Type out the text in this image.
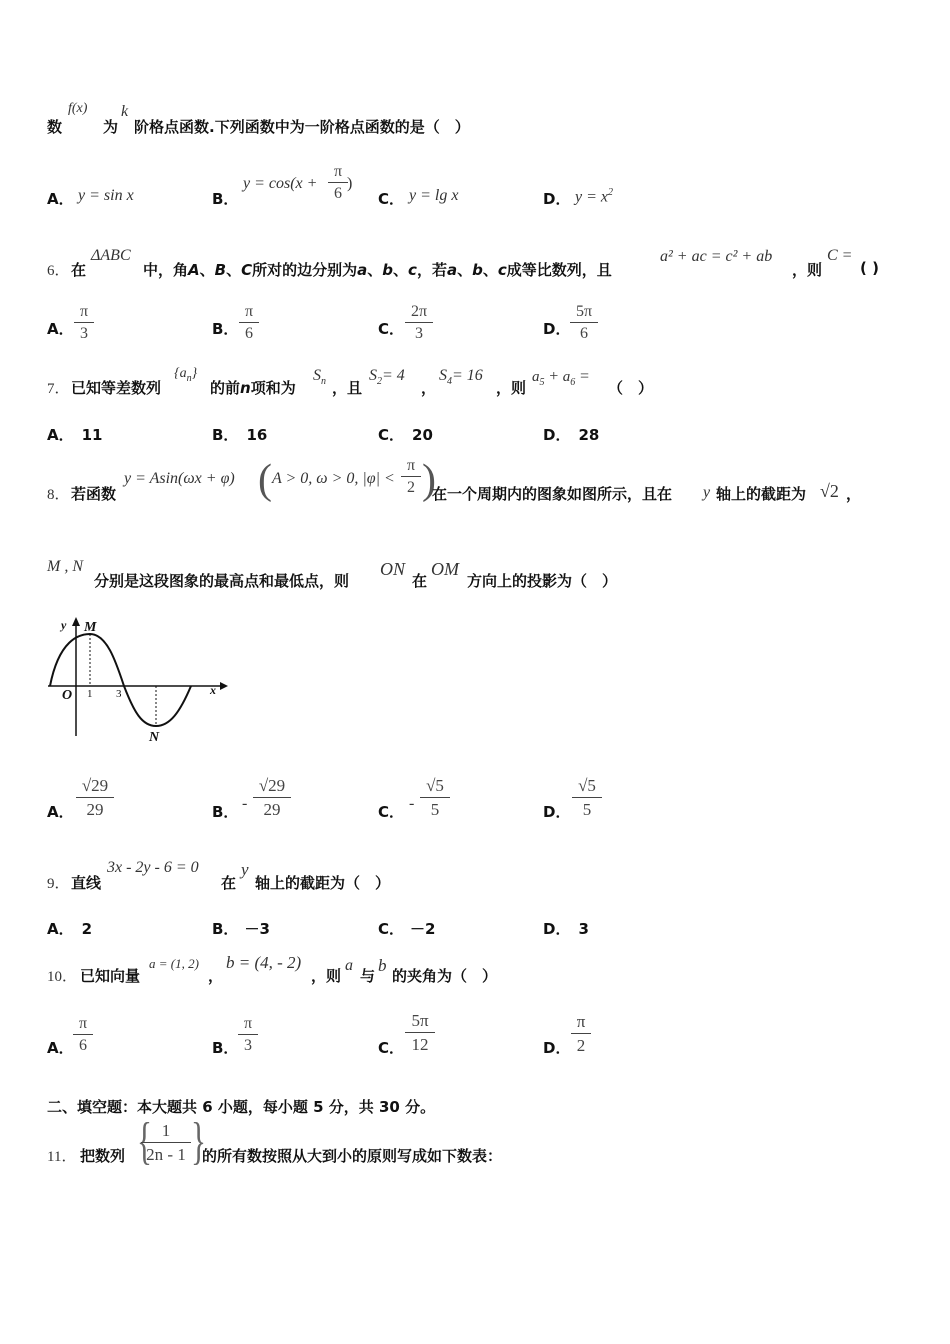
数
f(x)
为
k
阶格点函数.下列函数中为一阶格点函数的是（　）
A． y = sin x	B．
$y = \cos(x + \frac{\pi}{6}$ )
C． y = lg x	D． $y = x^2$
6． 在
ΔABC
中，角A、B、C所对的边分别为a、b、c，若a、b、c成等比数列，且
a² + ac = c² + ab
，则
C =
( )
A． $\frac{\pi}{3}$	B． $\frac{\pi}{6}$	C． $\frac{2\pi}{3}$	D． $\frac{5\pi}{6}$
7． 已知等差数列
$\{a_n\}$
的前n项和为
$S_n$ ，且
$S_2= 4$
，
$S_4= 16$
，则
$a_5 + a_6$ =
（　）
A． 11	B． 16	C． 20	D． 28
8． 若函数
y = Asin(ωx + φ) ( A > 0, ω > 0, $|\varphi| < \frac{\pi}{2}$ )
在一个周期内的图象如图所示，且在 y 轴上的截距为 √2 ，
M , N
分别是这段图象的最高点和最低点，则
ON
在
OM
方向上的投影为（　）
y
x
O 1 3
M
N
A． $\frac{√29}{29}$	B． - $\frac{√29}{29}$	C． - $\frac{√5}{5}$	D． $\frac{√5}{5}$
9． 直线
3x - 2y - 6 = 0
在
y
轴上的截距为（　）
A． 2	B． －3	C． －2	D． 3
10． 已知向量
a = (1, 2)
，
b = (4, - 2)
，则
a
与
b
的夹角为（　）
A． $\frac{\pi}{6}$	B． $\frac{\pi}{3}$	C． $\frac{5\pi}{12}$	D． $\frac{\pi}{2}$
二、填空题：本大题共 6 小题，每小题 5 分，共 30 分。
11． 把数列 {
$\frac{1}{2n - 1}$ }
的所有数按照从大到小的原则写成如下数表：
